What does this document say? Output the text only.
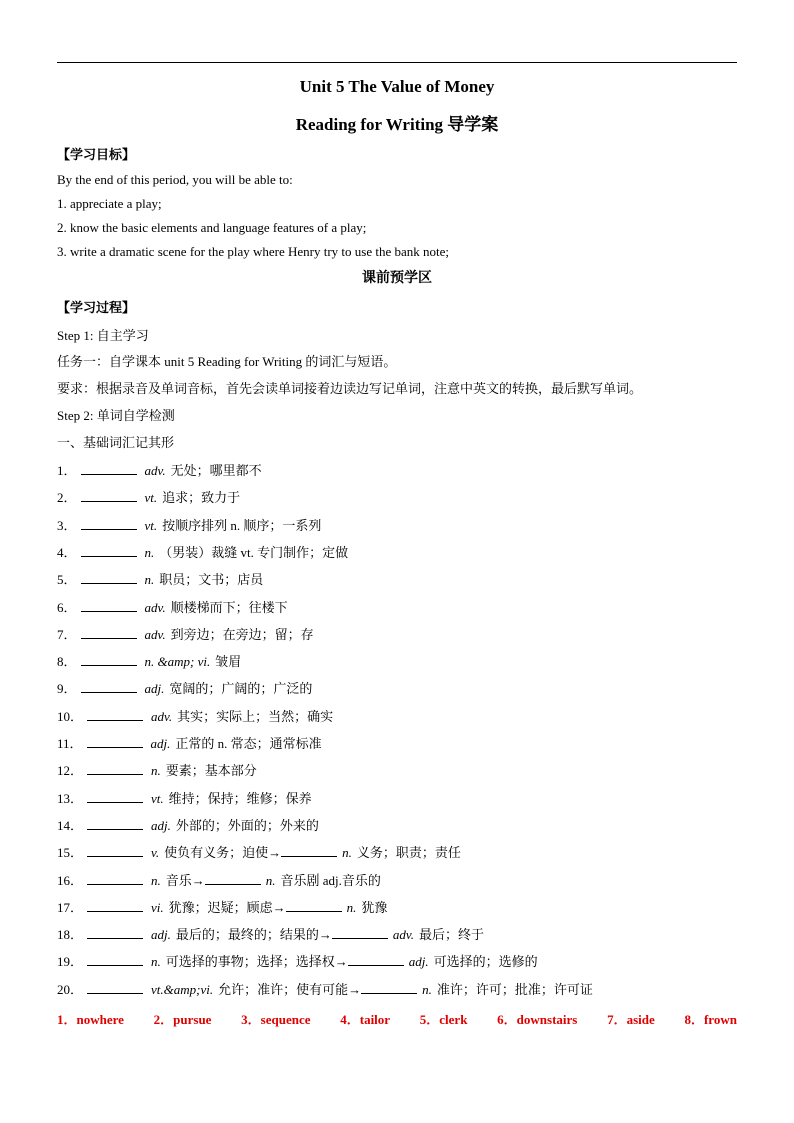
Unit 5 The Value of Money
Reading for Writing 导学案
【学习目标】
By the end of this period, you will be able to:
1. appreciate a play;
2. know the basic elements and language features of a play;
3. write a dramatic scene for the play where Henry try to use the bank note;
课前预学区
【学习过程】
Step 1: 自主学习
任务一：自学课本 unit 5 Reading for Writing 的词汇与短语。
要求：根据录音及单词音标，首先会读单词接着边读边写记单词，注意中英文的转换，最后默写单词。
Step 2: 单词自学检测
一、基础词汇记其形
1．	adv. 无处；哪里都不
2．	vt. 追求；致力于
3．	vt. 按顺序排列 n. 顺序；一系列
4．	n. （男装）裁缝 vt. 专门制作；定做
5．	n. 职员；文书；店员
6．	adv. 顺楼梯而下；往楼下
7．	adv. 到旁边；在旁边；留；存
8．	n. &amp; vi. 皱眉
9．	adj. 宽阔的；广阔的；广泛的
10．	adv. 其实；实际上；当然；确实
11．	adj. 正常的 n. 常态；通常标准
12．	n. 要素；基本部分
13．	vt. 维持；保持；维修；保养
14．	adj. 外部的；外面的；外来的
15．	v. 使负有义务；迫使→	n. 义务；职责；责任
16．	n. 音乐→	n. 音乐剧 adj.音乐的
17．	vi. 犹豫；迟疑；顾虑→	n. 犹豫
18．	adj. 最后的；最终的；结果的→	adv. 最后；终于
19．	n. 可选择的事物；选择；选择权→	adj. 可选择的；选修的
20．	vt.&amp;vi. 允许；准许；使有可能→	n. 准许；许可；批准；许可证
1．nowhere 2．pursue 3．sequence 4．tailor 5．clerk 6．downstairs 7．aside 8．frown
